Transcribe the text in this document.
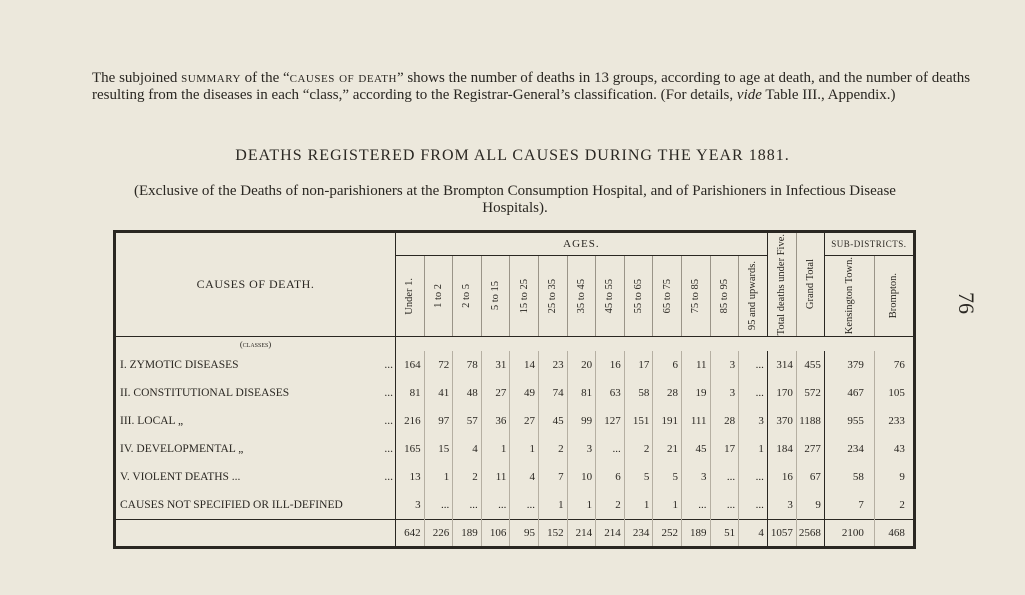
The subjoined summary of the “causes of death” shows the number of deaths in 13 groups, according to age at death, and the number of deaths resulting from the diseases in each “class,” according to the Registrar-General’s classification. (For details, vide Table III., Appendix.)
DEATHS REGISTERED FROM ALL CAUSES DURING THE YEAR 1881.
(Exclusive of the Deaths of non-parishioners at the Brompton Consumption Hospital, and of Parishioners in Infectious Disease Hospitals).
76
CAUSES OF DEATH.	AGES.													Total deaths under Five.	Grand Total	SUB-DISTRICTS.	

	Under 1.	1 to 2	2 to 5	5 to 15	15 to 25	25 to 35	35 to 45	45 to 55	55 to 65	65 to 75	75 to 85	85 to 95	95 and upwards.			Kensington Town.	Brompton.

(classes)																	

...
I. ZYMOTIC DISEASES	164	72	78	31	14	23	20	16	17	6	11	3	...	314	455	379	76

...
II. CONSTITUTIONAL DISEASES	81	41	48	27	49	74	81	63	58	28	19	3	...	170	572	467	105

...
III. LOCAL „	216	97	57	36	27	45	99	127	151	191	111	28	3	370	1188	955	233

...
IV. DEVELOPMENTAL „	165	15	4	1	1	2	3	...	2	21	45	17	1	184	277	234	43

...
V. VIOLENT DEATHS ...	13	1	2	11	4	7	10	6	5	5	3	...	...	16	67	58	9

CAUSES NOT SPECIFIED OR ILL-DEFINED	3	...	...	...	...	1	1	2	1	1	...	...	...	3	9	7	2
	642	226	189	106	95	152	214	214	234	252	189	51	4	1057	2568	2100	468
